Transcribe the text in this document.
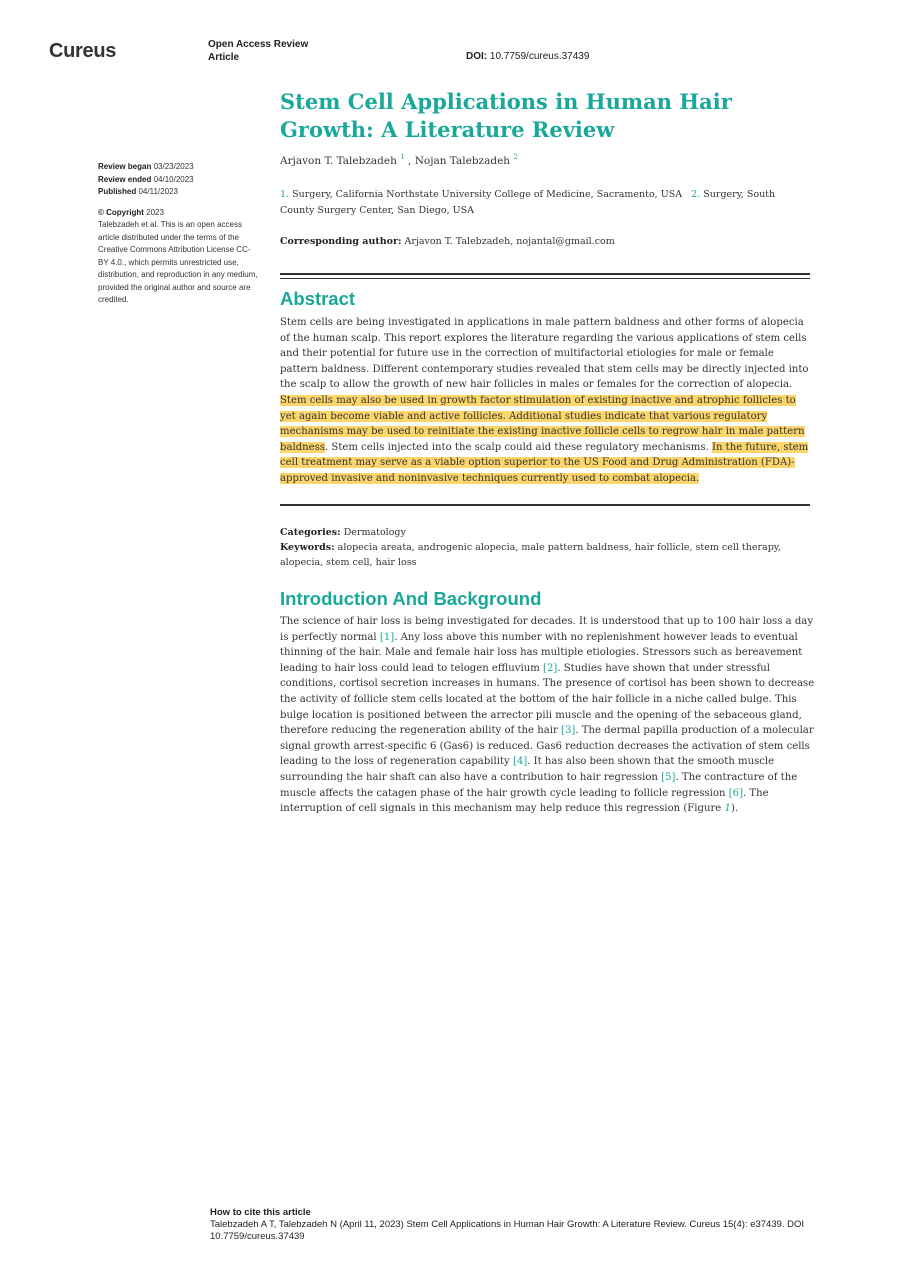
Cureus	Open Access Review
Article	DOI: 10.7759/cureus.37439
Stem Cell Applications in Human Hair Growth: A Literature Review
Arjavon T. Talebzadeh $^1$ , Nojan Talebzadeh $^2$
1. Surgery, California Northstate University College of Medicine, Sacramento, USA 2. Surgery, South County Surgery Center, San Diego, USA
Corresponding author: Arjavon T. Talebzadeh, nojantal@gmail.com
Review began 03/23/2023
Review ended 04/10/2023
Published 04/11/2023
© Copyright 2023
Talebzadeh et al. This is an open access article distributed under the terms of the Creative Commons Attribution License CC-BY 4.0., which permits unrestricted use, distribution, and reproduction in any medium, provided the original author and source are credited.	Abstract

Stem cells are being investigated in applications in male pattern baldness and other forms of alopecia of the human scalp. This report explores the literature regarding the various applications of stem cells and their potential for future use in the correction of multifactorial etiologies for male or female pattern baldness. Different contemporary studies revealed that stem cells may be directly injected into the scalp to allow the growth of new hair follicles in males or females for the correction of alopecia. Stem cells may also be used in growth factor stimulation of existing inactive and atrophic follicles to yet again become viable and active follicles. Additional studies indicate that various regulatory mechanisms may be used to reinitiate the existing inactive follicle cells to regrow hair in male pattern baldness. Stem cells injected into the scalp could aid these regulatory mechanisms. In the future, stem cell treatment may serve as a viable option superior to the US Food and Drug Administration (FDA)-approved invasive and noninvasive techniques currently used to combat alopecia.

Categories: Dermatology
Keywords: alopecia areata, androgenic alopecia, male pattern baldness, hair follicle, stem cell therapy, alopecia, stem cell, hair loss
Introduction And Background

The science of hair loss is being investigated for decades. It is understood that up to 100 hair loss a day is perfectly normal [1]. Any loss above this number with no replenishment however leads to eventual thinning of the hair. Male and female hair loss has multiple etiologies. Stressors such as bereavement leading to hair loss could lead to telogen effluvium [2]. Studies have shown that under stressful conditions, cortisol secretion increases in humans. The presence of cortisol has been shown to decrease the activity of follicle stem cells located at the bottom of the hair follicle in a niche called bulge. This bulge location is positioned between the arrector pili muscle and the opening of the sebaceous gland, therefore reducing the regeneration ability of the hair [3]. The dermal papilla production of a molecular signal growth arrest-specific 6 (Gas6) is reduced. Gas6 reduction decreases the activation of stem cells leading to the loss of regeneration capability [4]. It has also been shown that the smooth muscle surrounding the hair shaft can also have a contribution to hair regression [5]. The contracture of the muscle affects the catagen phase of the hair growth cycle leading to follicle regression [6]. The interruption of cell signals in this mechanism may help reduce this regression (Figure 1).

How to cite this article
Talebzadeh A T, Talebzadeh N (April 11, 2023) Stem Cell Applications in Human Hair Growth: A Literature Review. Cureus 15(4): e37439. DOI 10.7759/cureus.37439
